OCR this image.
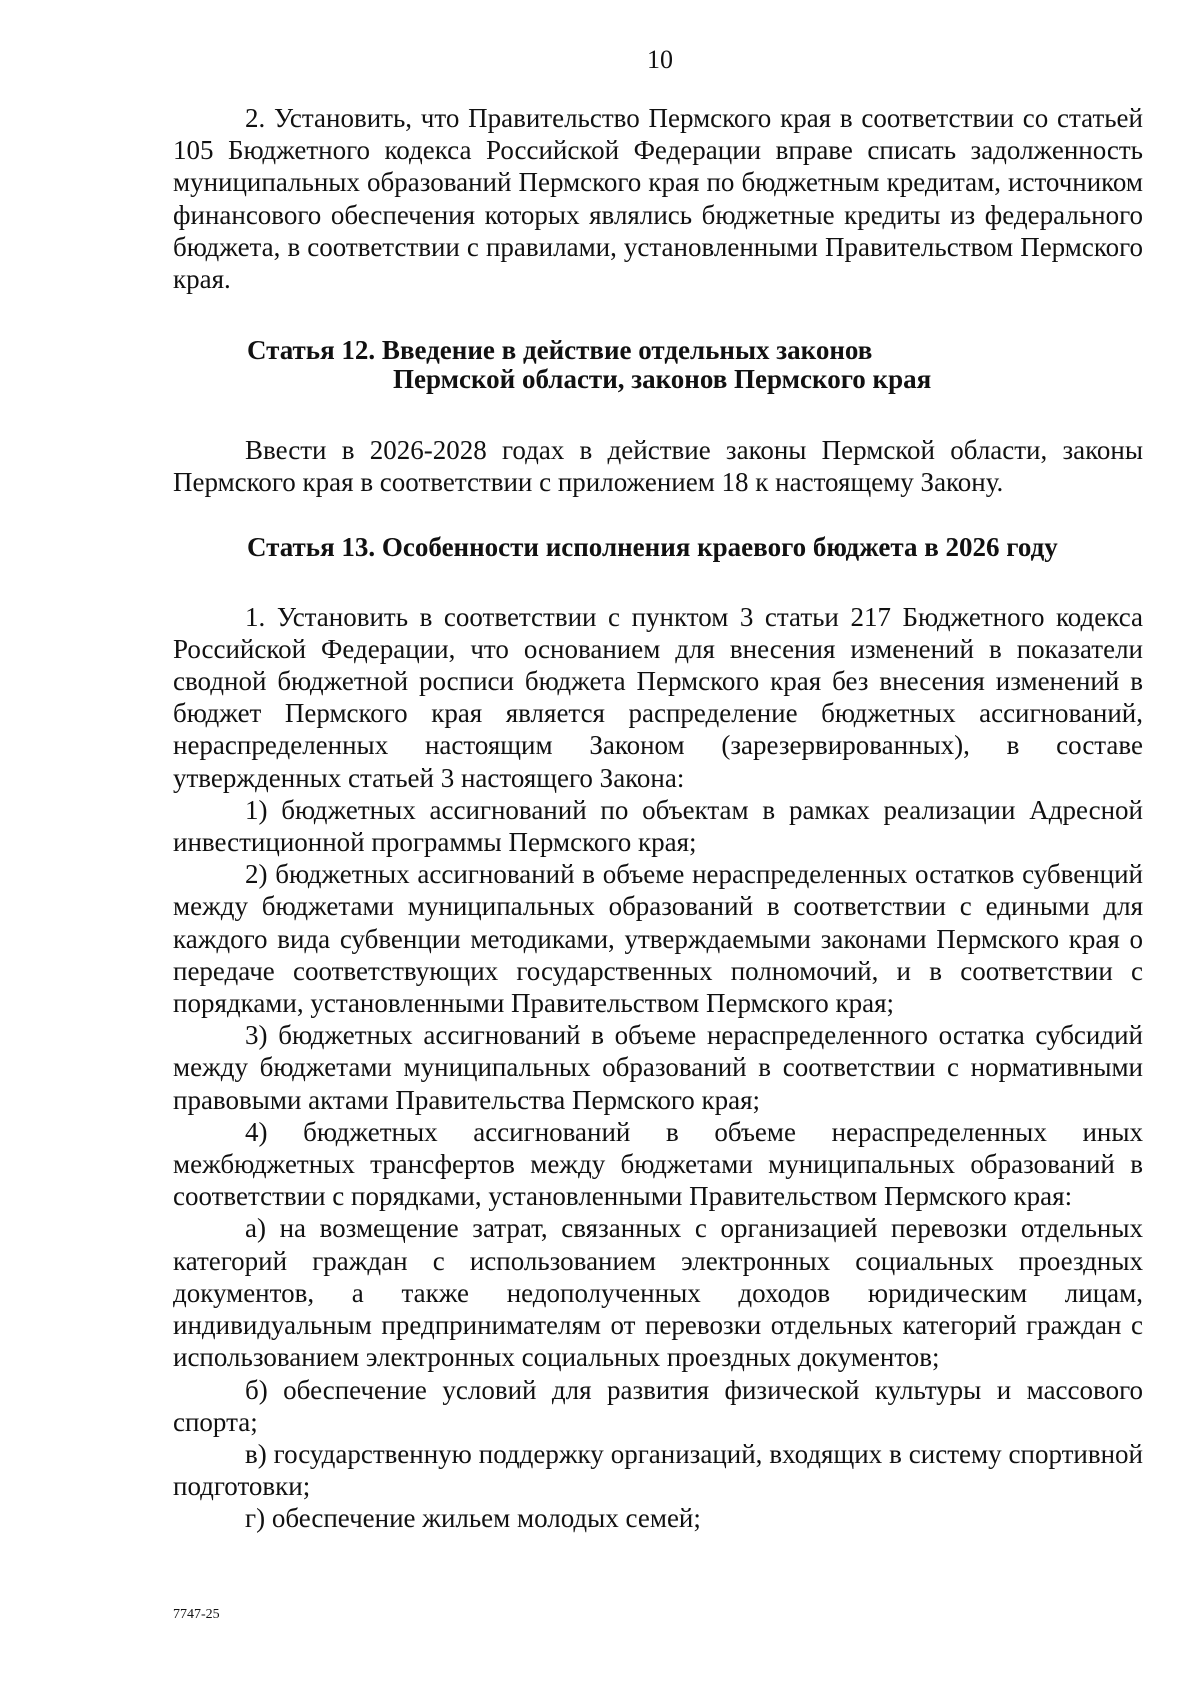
10

2. Установить, что Правительство Пермского края в соответствии со статьей 105 Бюджетного кодекса Российской Федерации вправе списать задолженность муниципальных образований Пермского края по бюджетным кредитам, источником финансового обеспечения которых являлись бюджетные кредиты из федерального бюджета, в соответствии с правилами, установленными Правительством Пермского края.

Статья 12. Введение в действие отдельных законов
Пермской области, законов Пермского края

Ввести в 2026-2028 годах в действие законы Пермской области, законы Пермского края в соответствии с приложением 18 к настоящему Закону.

Статья 13. Особенности исполнения краевого бюджета в 2026 году

1. Установить в соответствии с пунктом 3 статьи 217 Бюджетного кодекса Российской Федерации, что основанием для внесения изменений в показатели сводной бюджетной росписи бюджета Пермского края без внесения изменений в бюджет Пермского края является распределение бюджетных ассигнований, нераспределенных настоящим Законом (зарезервированных), в составе утвержденных статьей 3 настоящего Закона:

1) бюджетных ассигнований по объектам в рамках реализации Адресной инвестиционной программы Пермского края;

2) бюджетных ассигнований в объеме нераспределенных остатков субвенций между бюджетами муниципальных образований в соответствии с едиными для каждого вида субвенции методиками, утверждаемыми законами Пермского края о передаче соответствующих государственных полномочий, и в соответствии с порядками, установленными Правительством Пермского края;

3) бюджетных ассигнований в объеме нераспределенного остатка субсидий между бюджетами муниципальных образований в соответствии с нормативными правовыми актами Правительства Пермского края;

4) бюджетных ассигнований в объеме нераспределенных иных межбюджетных трансфертов между бюджетами муниципальных образований в соответствии с порядками, установленными Правительством Пермского края:

а) на возмещение затрат, связанных с организацией перевозки отдельных категорий граждан с использованием электронных социальных проездных документов, а также недополученных доходов юридическим лицам, индивидуальным предпринимателям от перевозки отдельных категорий граждан с использованием электронных социальных проездных документов;

б) обеспечение условий для развития физической культуры и массового спорта;

в) государственную поддержку организаций, входящих в систему спортивной подготовки;

г) обеспечение жильем молодых семей;

7747-25
